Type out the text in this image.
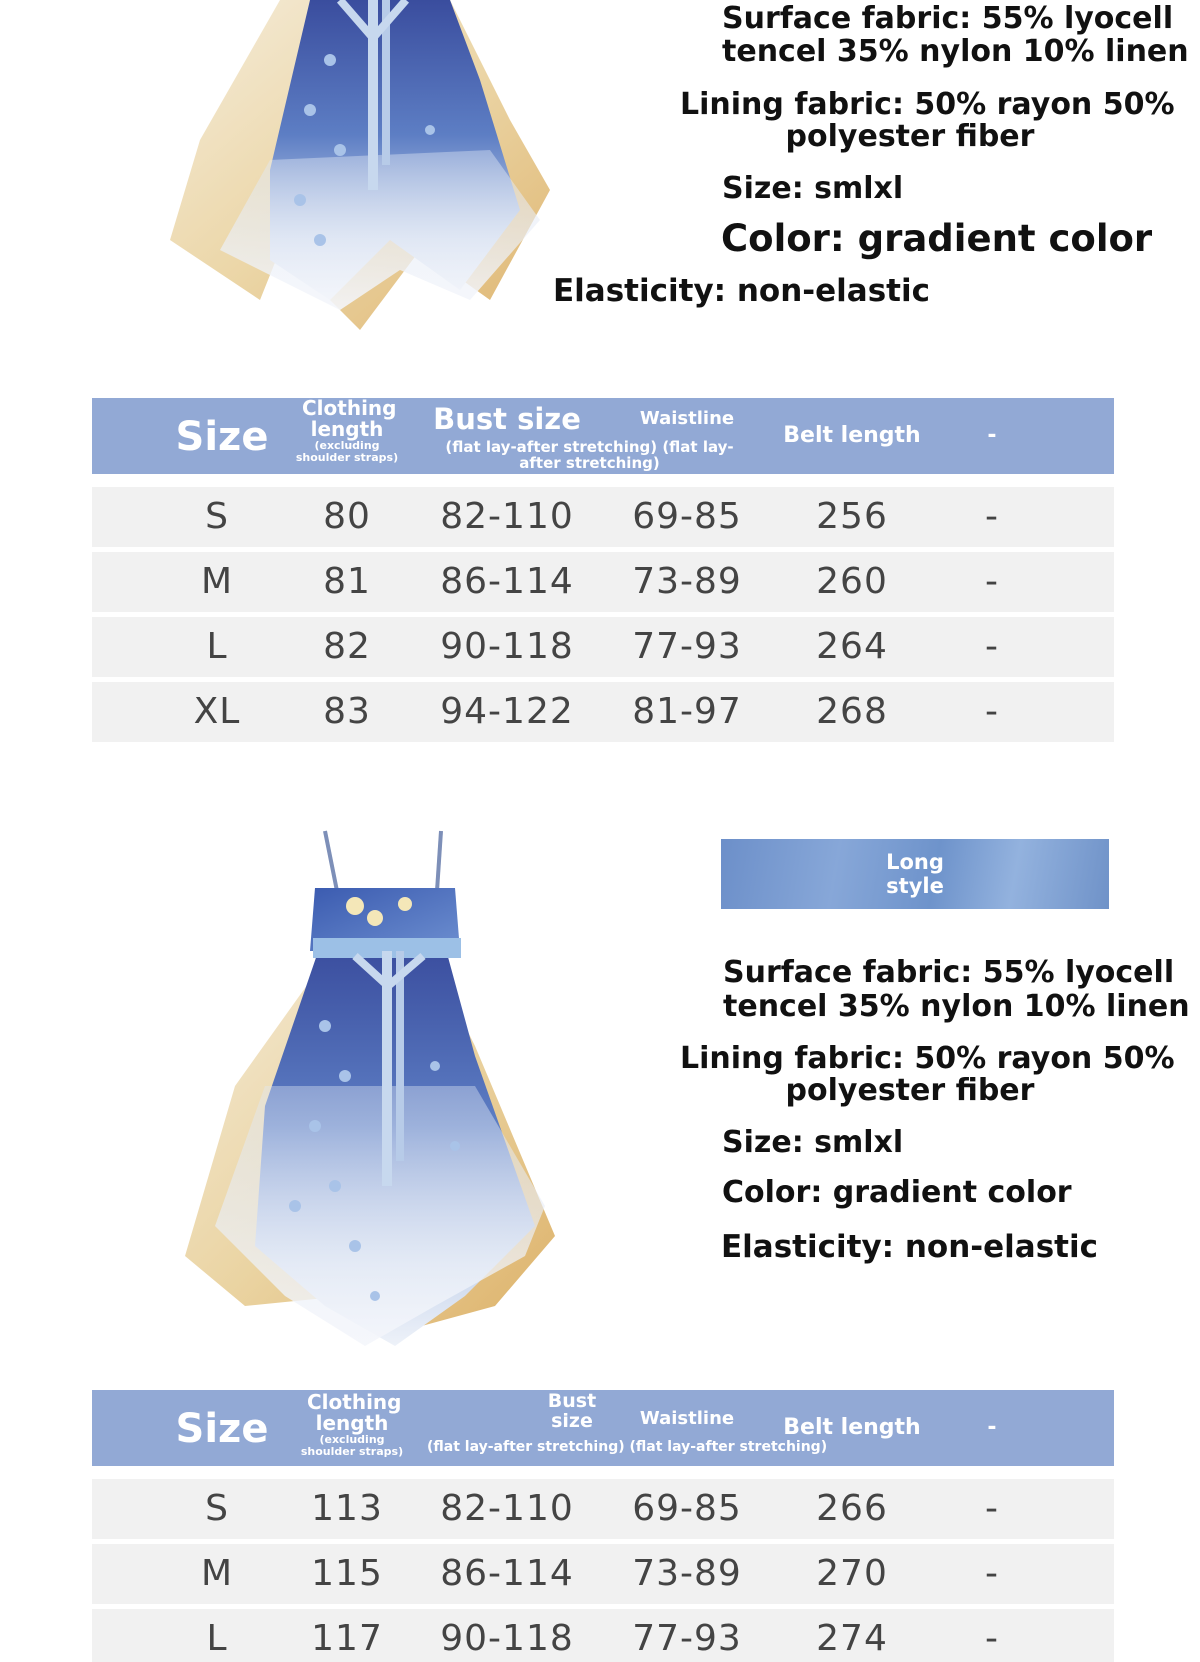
Surface fabric: 55% lyocell
tencel 35% nylon 10% linen
Lining fabric: 50% rayon 50%
polyester fiber
Size: smlxl
Color: gradient color
Elasticity: non-elastic
Size
Clothing length
(excluding shoulder straps)
Bust size	Waistline
(flat lay-after stretching) (flat lay-after stretching)
Belt length	-
S	80	82-110	69-85	256	-
M	81	86-114	73-89	260	-
L	82	90-118	77-93	264	-
XL	83	94-122	81-97	268	-
Long style
Surface fabric: 55% lyocell
tencel 35% nylon 10% linen
Lining fabric: 50% rayon 50%
polyester fiber
Size: smlxl
Color: gradient color
Elasticity: non-elastic
Size
Clothing length
(excluding shoulder straps)
Bust size	Waistline
(flat lay-after stretching) (flat lay-after stretching)
Belt length	-
S	113	82-110	69-85	266	-
M	115	86-114	73-89	270	-
L	117	90-118	77-93	274	-
